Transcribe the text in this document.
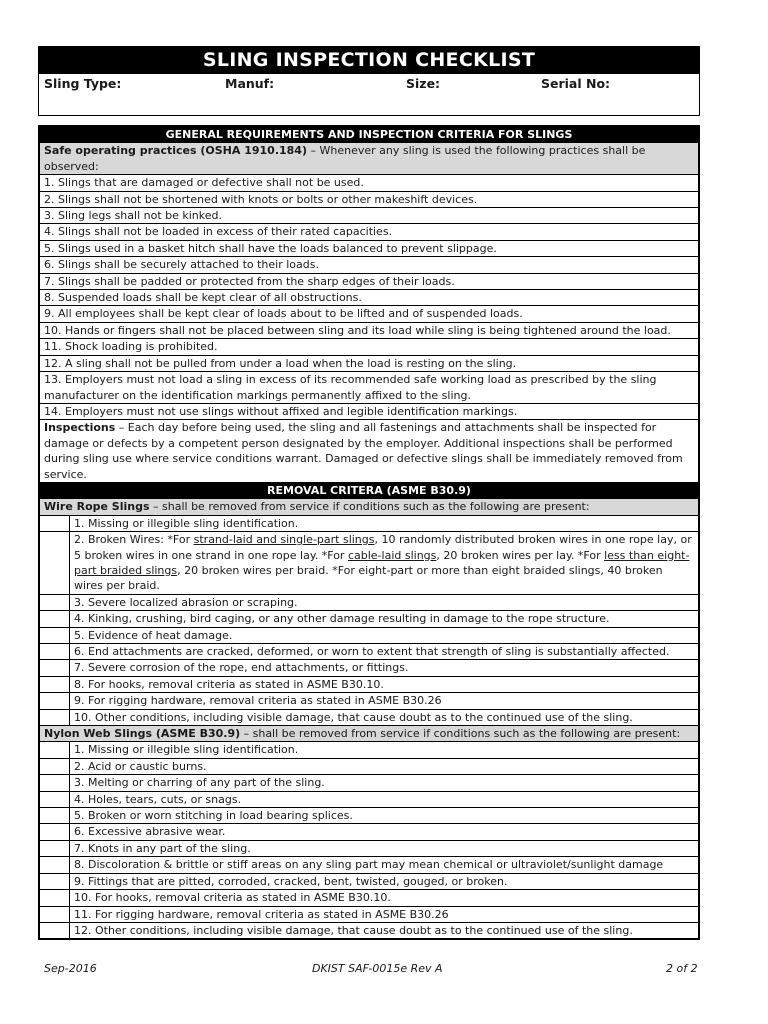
SLING INSPECTION CHECKLIST
Sling Type:	Manuf:	Size:	Serial No:
GENERAL REQUIREMENTS AND INSPECTION CRITERIA FOR SLINGS	
Safe operating practices (OSHA 1910.184) – Whenever any sling is used the following practices shall be observed:	
1. Slings that are damaged or defective shall not be used.	
2. Slings shall not be shortened with knots or bolts or other makeshift devices.	
3. Sling legs shall not be kinked.	
4. Slings shall not be loaded in excess of their rated capacities.	
5. Slings used in a basket hitch shall have the loads balanced to prevent slippage.	
6. Slings shall be securely attached to their loads.	
7. Slings shall be padded or protected from the sharp edges of their loads.	
8. Suspended loads shall be kept clear of all obstructions.	
9. All employees shall be kept clear of loads about to be lifted and of suspended loads.	
10. Hands or fingers shall not be placed between sling and its load while sling is being tightened around the load.	
11. Shock loading is prohibited.	
12. A sling shall not be pulled from under a load when the load is resting on the sling.	
13. Employers must not load a sling in excess of its recommended safe working load as prescribed by the sling manufacturer on the identification markings permanently affixed to the sling.	
14. Employers must not use slings without affixed and legible identification markings.	
Inspections – Each day before being used, the sling and all fastenings and attachments shall be inspected for damage or defects by a competent person designated by the employer. Additional inspections shall be performed during sling use where service conditions warrant. Damaged or defective slings shall be immediately removed from service.	
REMOVAL CRITERA (ASME B30.9)	
Wire Rope Slings – shall be removed from service if conditions such as the following are present:	
	1. Missing or illegible sling identification.
	2. Broken Wires: *For strand-laid and single-part slings, 10 randomly distributed broken wires in one rope lay, or 5 broken wires in one strand in one rope lay. *For cable-laid slings, 20 broken wires per lay. *For less than eight-part braided slings, 20 broken wires per braid. *For eight-part or more than eight braided slings, 40 broken wires per braid.
	3. Severe localized abrasion or scraping.
	4. Kinking, crushing, bird caging, or any other damage resulting in damage to the rope structure.
	5. Evidence of heat damage.
	6. End attachments are cracked, deformed, or worn to extent that strength of sling is substantially affected.
	7. Severe corrosion of the rope, end attachments, or fittings.
	8. For hooks, removal criteria as stated in ASME B30.10.
	9. For rigging hardware, removal criteria as stated in ASME B30.26
	10. Other conditions, including visible damage, that cause doubt as to the continued use of the sling.
Nylon Web Slings (ASME B30.9) – shall be removed from service if conditions such as the following are present:	
	1. Missing or illegible sling identification.
	2. Acid or caustic burns.
	3. Melting or charring of any part of the sling.
	4. Holes, tears, cuts, or snags.
	5. Broken or worn stitching in load bearing splices.
	6. Excessive abrasive wear.
	7. Knots in any part of the sling.
	8. Discoloration & brittle or stiff areas on any sling part may mean chemical or ultraviolet/sunlight damage
	9. Fittings that are pitted, corroded, cracked, bent, twisted, gouged, or broken.
	10. For hooks, removal criteria as stated in ASME B30.10.
	11. For rigging hardware, removal criteria as stated in ASME B30.26
	12. Other conditions, including visible damage, that cause doubt as to the continued use of the sling.
Sep-2016	DKIST SAF-0015e Rev A	2 of 2
